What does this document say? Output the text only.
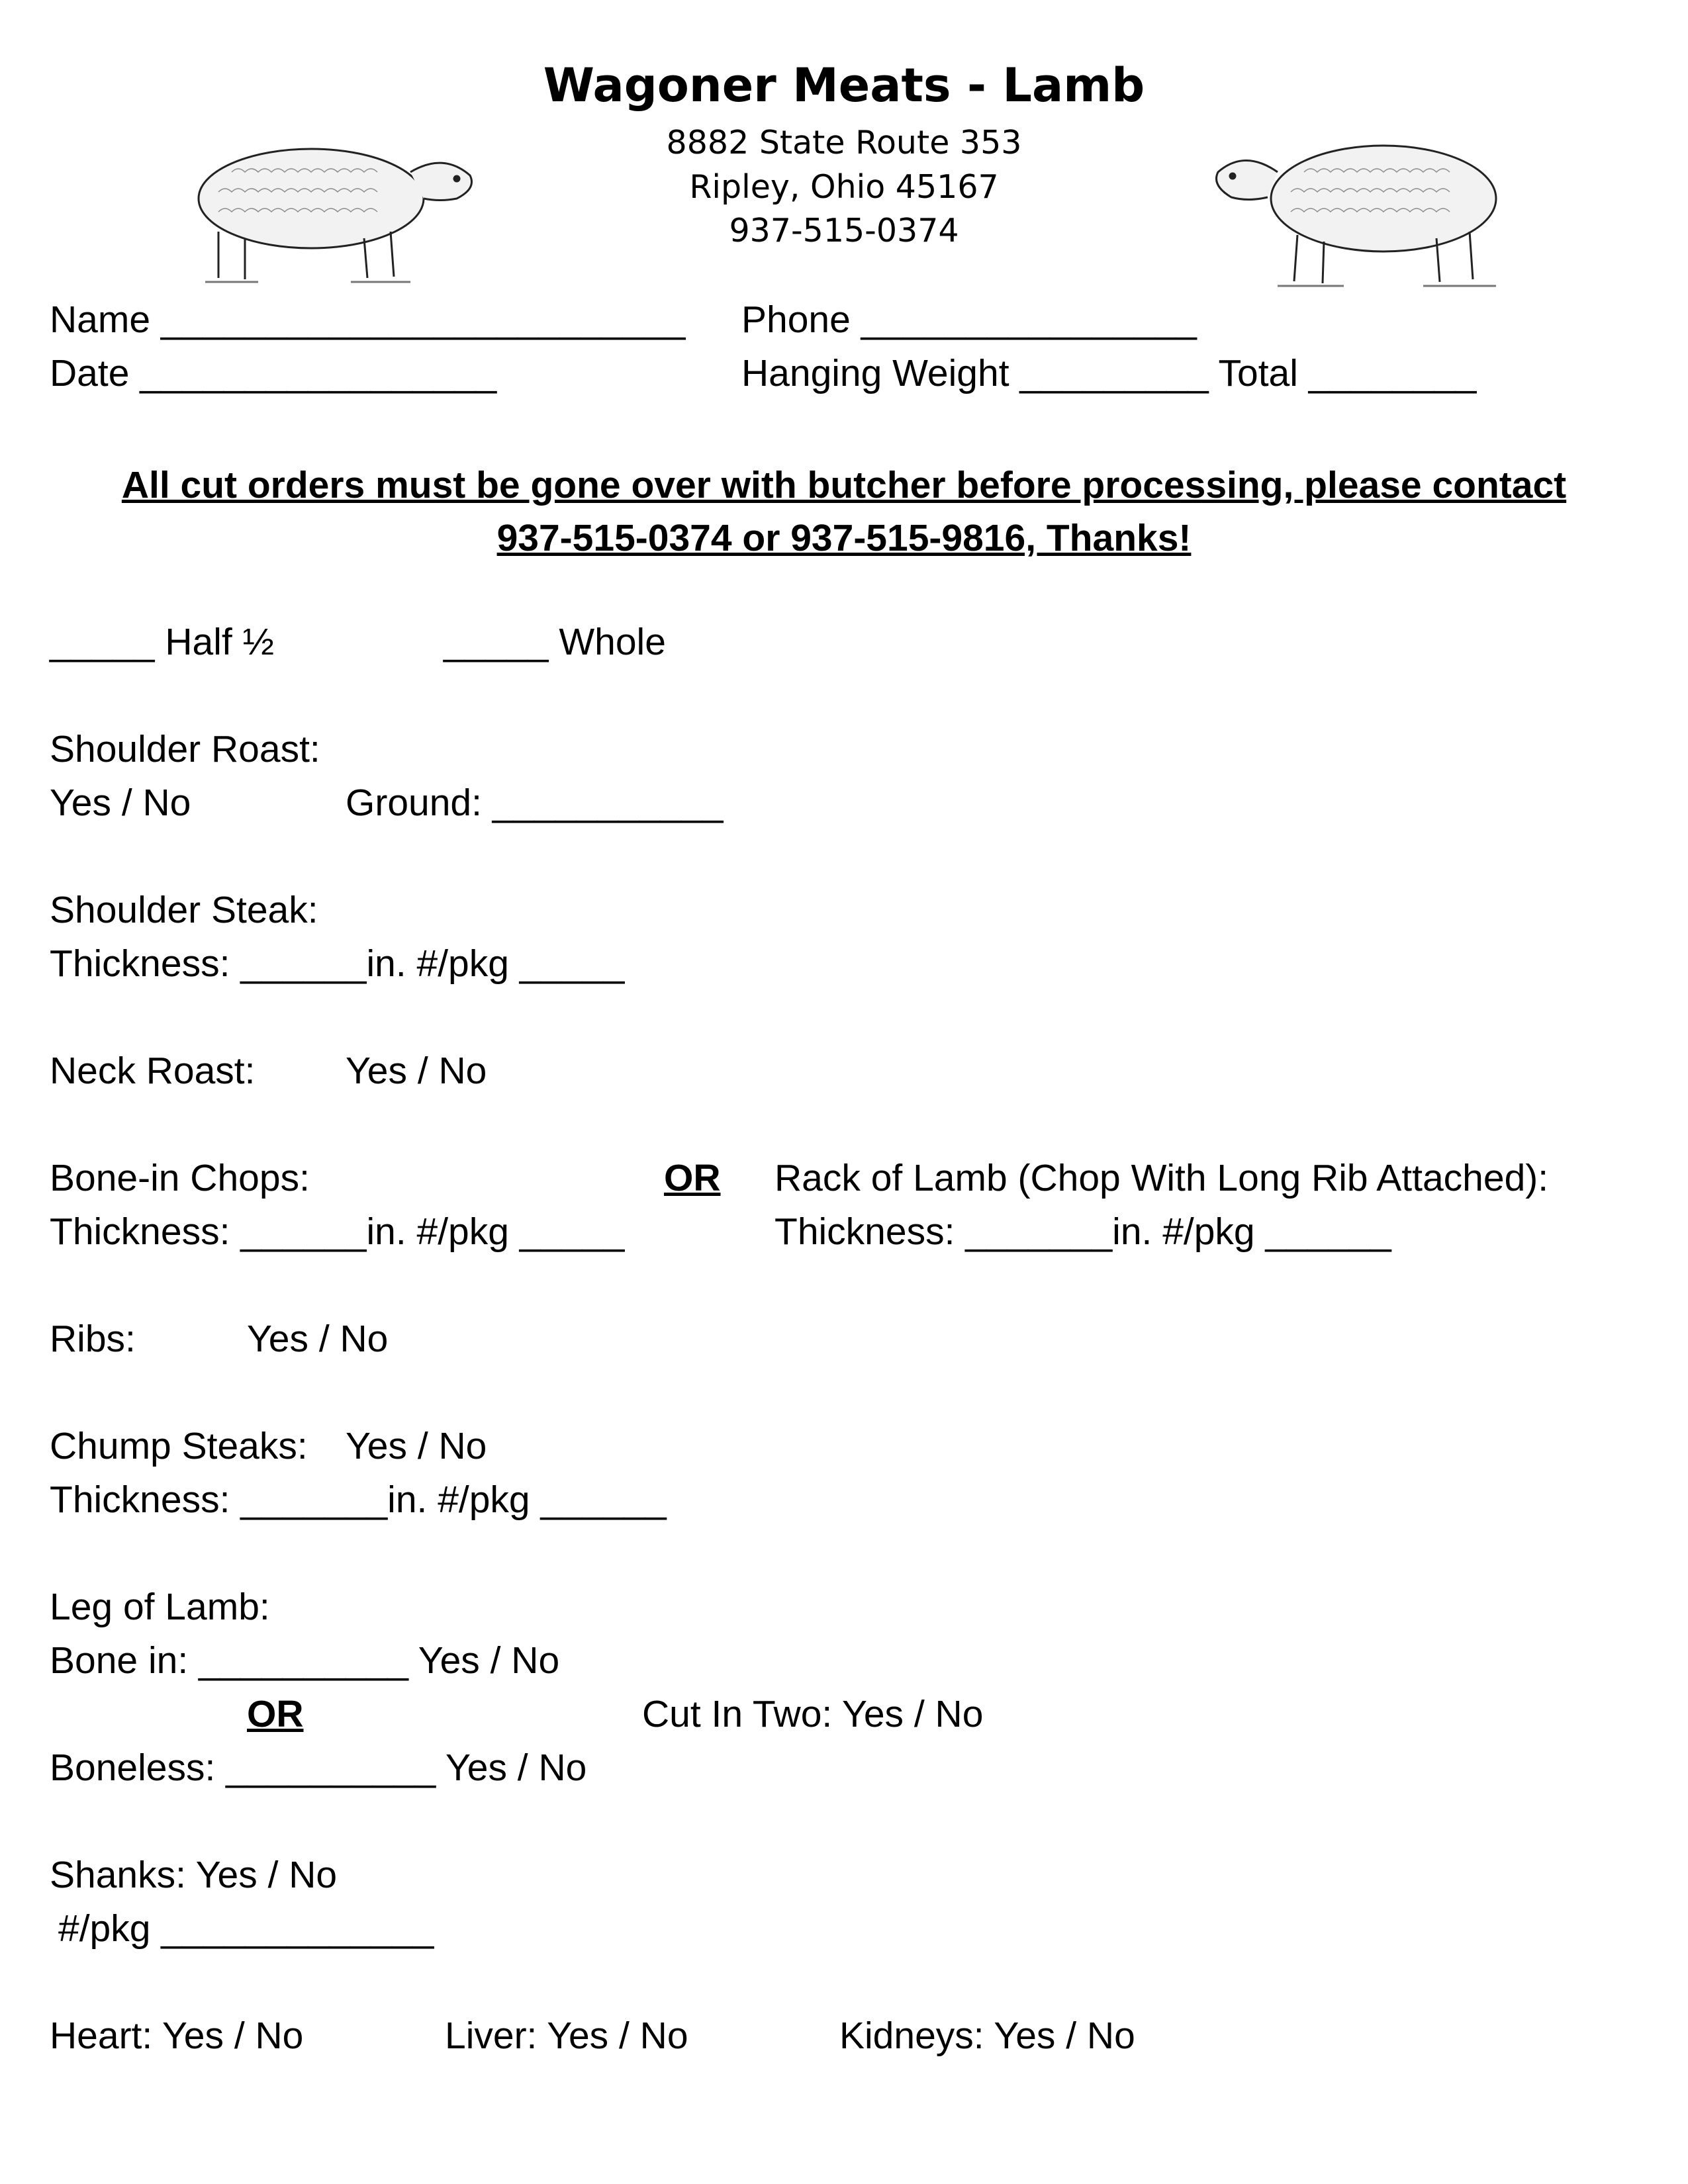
Wagoner Meats - Lamb
8882 State Route 353
Ripley, Ohio 45167
937-515-0374
Name _________________________ Phone ________________
Date _________________	Hanging Weight _________ Total ________
All cut orders must be gone over with butcher before processing, please contact
937-515-0374 or 937-515-9816, Thanks!
_____ Half ½	_____ Whole
Shoulder Roast:
Yes / No	Ground: ___________
Shoulder Steak:
Thickness: ______in. #/pkg _____
Neck Roast: Yes / No
Bone-in Chops:	OR Rack of Lamb (Chop With Long Rib Attached):
Thickness: ______in. #/pkg _____	Thickness: _______in. #/pkg ______
Ribs:	Yes / No
Chump Steaks: Yes / No
Thickness: _______in. #/pkg ______
Leg of Lamb:
Bone in: __________ Yes / No
OR	Cut In Two: Yes / No
Boneless: __________ Yes / No
Shanks: Yes / No
#/pkg _____________
Heart: Yes / No	Liver: Yes / No	Kidneys: Yes / No
